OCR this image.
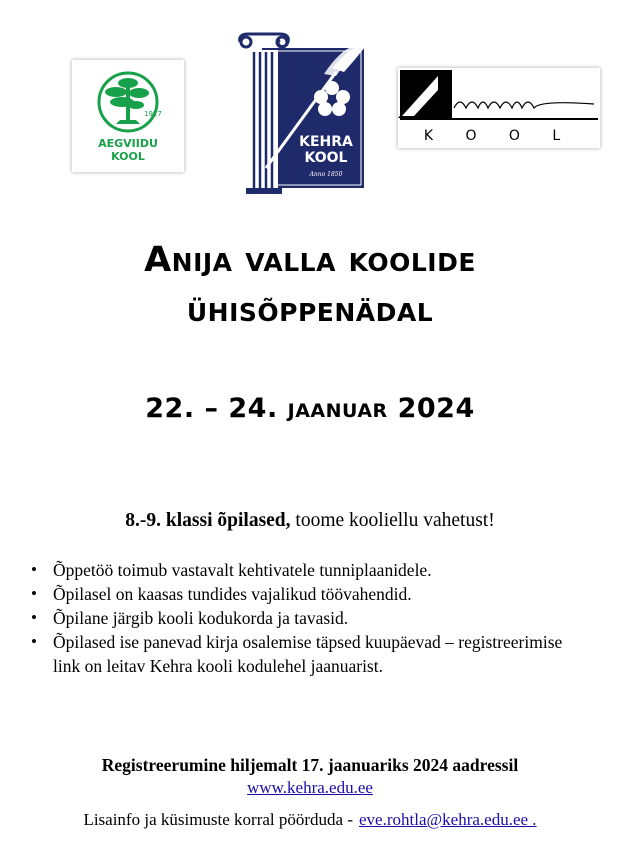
1917
AEGVIIDU
KOOL
KEHRA
KOOL
Anno 1850
K O O L
Anija valla koolide
ühisõppenädal
22. – 24. jaanuar 2024
8.-9. klassi õpilased, toome kooliellu vahetust!
• Õppetöö toimub vastavalt kehtivatele tunniplaanidele.
• Õpilasel on kaasas tundides vajalikud töövahendid.
• Õpilane järgib kooli kodukorda ja tavasid.
• Õpilased ise panevad kirja osalemise täpsed kuupäevad – registreerimise link on leitav Kehra kooli kodulehel jaanuarist.
Registreerumine hiljemalt 17. jaanuariks 2024 aadressil
www.kehra.edu.ee
Lisainfo ja küsimuste korral pöörduda - eve.rohtla@kehra.edu.ee .
